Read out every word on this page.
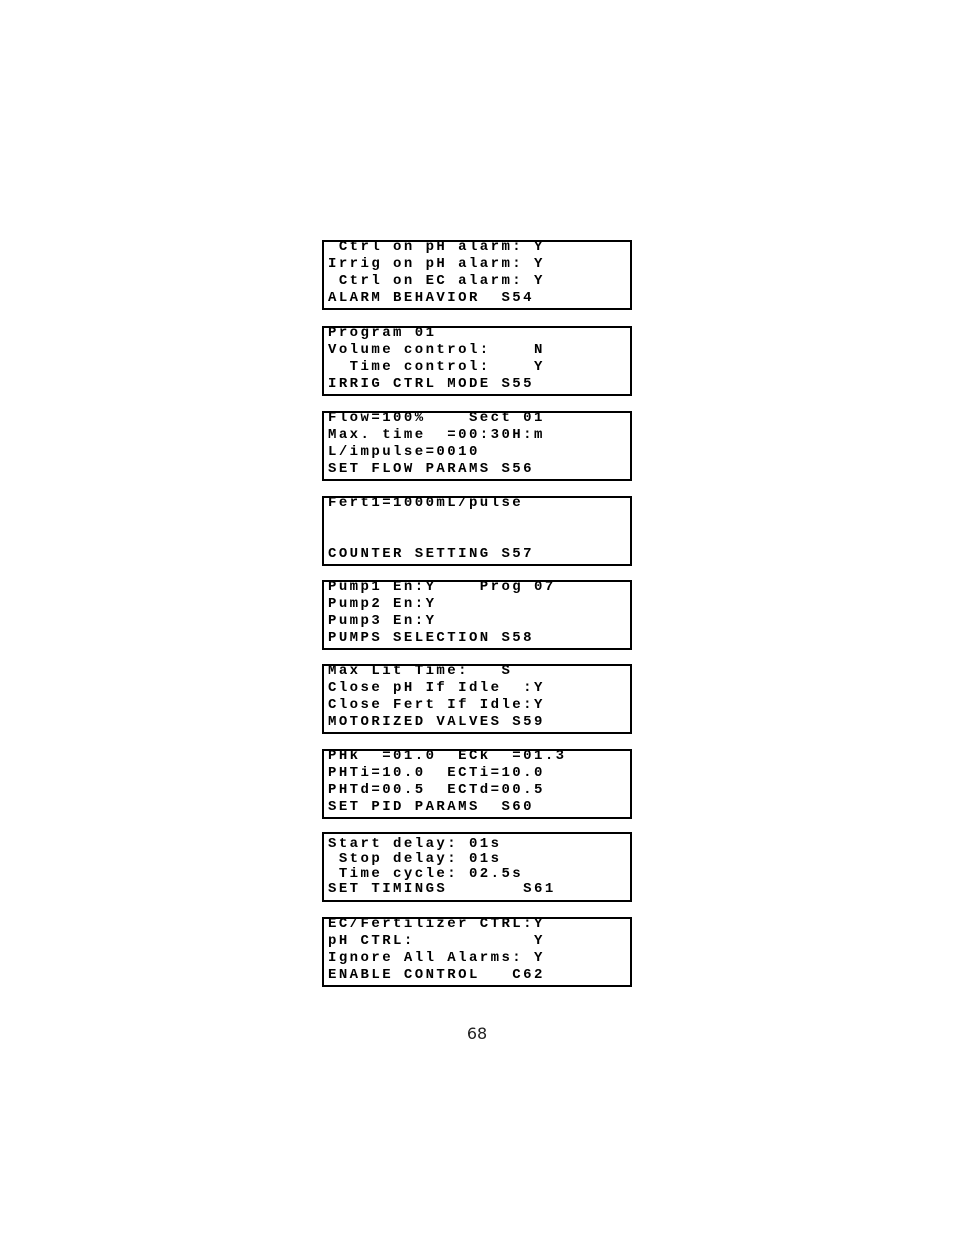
Ctrl on pH alarm: Y
Irrig on pH alarm: Y
Ctrl on EC alarm: Y
ALARM BEHAVIOR  S54
Program 01
Volume control:    N
Time control:    Y
IRRIG CTRL MODE S55
Flow=100%    Sect 01
Max. time  =00:30H:m
L/impulse=0010
SET FLOW PARAMS S56
Fert1=1000mL/pulse
COUNTER SETTING S57
Pump1 En:Y    Prog 07
Pump2 En:Y
Pump3 En:Y
PUMPS SELECTION S58
Max Lit Time:   S
Close pH If Idle  :Y
Close Fert If Idle:Y
MOTORIZED VALVES S59
PHk  =01.0  ECk  =01.3
PHTi=10.0  ECTi=10.0
PHTd=00.5  ECTd=00.5
SET PID PARAMS  S60
Start delay: 01s
Stop delay: 01s
Time cycle: 02.5s
SET TIMINGS       S61
EC/Fertilizer CTRL:Y
pH CTRL:           Y
Ignore All Alarms: Y
ENABLE CONTROL   C62
68
